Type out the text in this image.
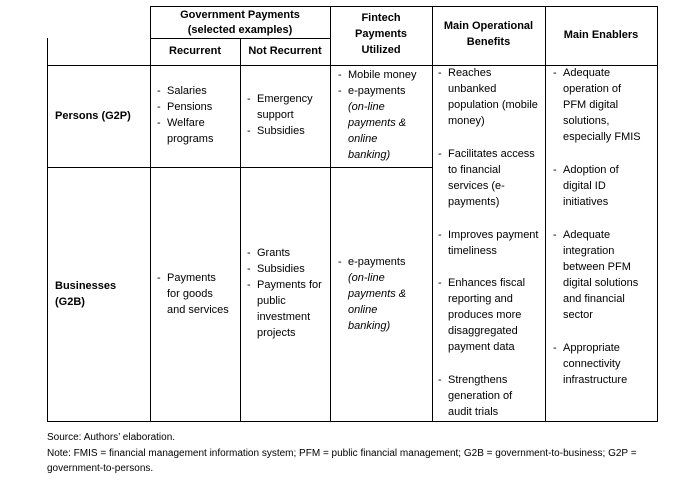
Government Payments
(selected examples)
Recurrent	Not Recurrent
Fintech
Payments
Utilized
Main Operational
Benefits
Main Enablers
Persons (G2P)
Businesses
(G2B)
- Salaries
- Pensions
- Welfare
programs
- Emergency
support
- Subsidies
- Mobile money
- e-payments
(on-line
payments &
online
banking)
- Payments
for goods
and services
- Grants
- Subsidies
- Payments for
public
investment
projects
- e-payments
(on-line
payments &
online
banking)
- Reaches
unbanked
population (mobile
money)
- Facilitates access
to financial
services (e-
payments)
- Improves payment
timeliness
- Enhances fiscal
reporting and
produces more
disaggregated
payment data
- Strengthens
generation of
audit trials
- Adequate
operation of
PFM digital
solutions,
especially FMIS
- Adoption of
digital ID
initiatives
- Adequate
integration
between PFM
digital solutions
and financial
sector
- Appropriate
connectivity
infrastructure
Source: Authors’ elaboration.
Note: FMIS = financial management information system; PFM = public financial management; G2B = government-to-business; G2P = government-to-persons.
